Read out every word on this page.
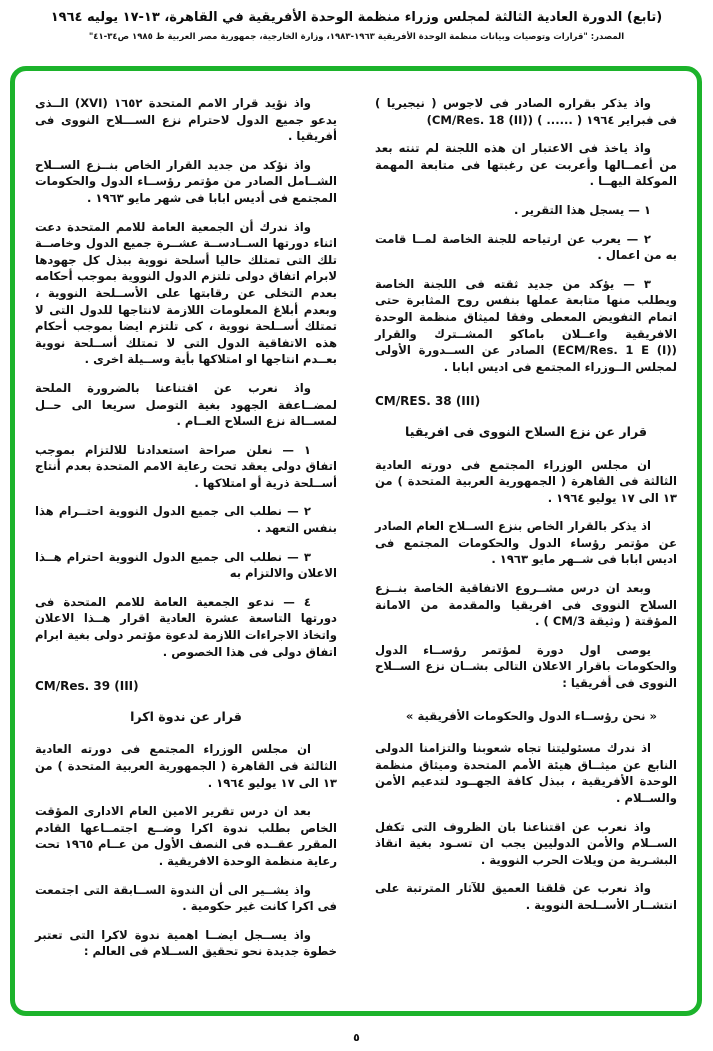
(تابع) الدورة العادية الثالثة لمجلس وزراء منظمة الوحدة الأفريقية في القاهرة، ١٣-١٧ يوليه ١٩٦٤

المصدر: "قرارات وتوصيات وبيانات منظمة الوحدة الأفريقية ١٩٦٣-١٩٨٣، وزارة الخارجية، جمهورية مصر العربية ط ١٩٨٥ ص٣٤-٤١"

واذ يذكر بقراره الصادر فى لاجوس ( نيجيريا ) فى فبراير ١٩٦٤ ( ...... ) (CM/Res. 18 (II))

واذ ياخذ فى الاعتبار ان هذه اللجنة لم تنته بعد من أعمــالها وأعربت عن رغبتها فى متابعة المهمة الموكلة اليهــا .

١ — يسجل هذا التقرير .

٢ — يعرب عن ارتياحه للجنة الخاصة لمــا قامت به من اعمال .

٣ — يؤكد من جديد ثقته فى اللجنة الخاصة ويطلب منها متابعة عملها بنفس روح المثابرة حتى اتمام التفويض المعطى وفقا لميثاق منظمة الوحدة الافريقية واعــلان باماكو المشــترك والقرار (ECM/Res. 1 E (I)) الصادر عن الســدورة الأولى لمجلس الــوزراء المجتمع فى اديس ابابا .

CM/RES. 38 (III)

قرار عن نزع السلاح النووى فى افريقيا

ان مجلس الوزراء المجتمع فى دورته العادية الثالثة فى القاهرة ( الجمهورية العربية المتحدة ) من ١٣ الى ١٧ يوليو ١٩٦٤ .

اذ يذكر بالقرار الخاص بنزع الســلاح العام الصادر عن مؤتمر رؤساء الدول والحكومات المجتمع فى اديس ابابا فى شــهر مايو ١٩٦٣ .

وبعد ان درس مشــروع الاتفاقية الخاصة بنــزع السلاح النووى فى افريقيا والمقدمة من الامانة المؤقتة ( وثيقة CM/3 ) .

يوصى اول دورة لمؤتمر رؤســاء الدول والحكومات باقرار الاعلان التالى بشــان نزع الســلاح النووى فى أفريقيا :

« نحن رؤســاء الدول والحكومات الأفريقية »

اذ ندرك مسئوليتنا تجاه شعوبنا والتزامنا الدولى النابع عن ميثــاق هيئة الأمم المتحدة وميثاق منظمة الوحدة الأفريقية ، ببذل كافة الجهــود لتدعيم الأمن والســلام .

واذ نعرب عن اقتناعنا بان الظروف التى تكفل الســلام والأمن الدوليين يجب ان تسـود بغية انقاذ البشـرية من ويلات الحرب النووية .

واذ نعرب عن قلقنا العميق للآثار المترتبة على انتشــار الأســلحة النووية .

واذ نؤيد قرار الامم المتحدة ١٦٥٢ (XVI) الــذى يدعو جميع الدول لاحترام نزع الســـلاح النووى فى أفريقيا .

واذ نؤكد من جديد القرار الخاص بنــزع الســلاح الشــامل الصادر من مؤتمر رؤســاء الدول والحكومات المجتمع فى أديس ابابا فى شهر مايو ١٩٦٣ .

واذ ندرك أن الجمعية العامة للامم المتحدة دعت اثناء دورتها الســادســة عشــرة جميع الدول وخاصــة تلك التى تمتلك حاليا أسلحة نووية ببذل كل جهودها لابرام اتفاق دولى تلتزم الدول النووية بموجب أحكامه بعدم التخلى عن رقابتها على الأســلحة النووية ، وبعدم أبلاغ المعلومات اللازمة لانتاجها للدول التى لا تمتلك أســلحة نووية ، كى تلتزم ايضا بموجب أحكام هذه الاتفاقية الدول التى لا تمتلك أســلحة نووية بعــدم انتاجها او امتلاكها بأية وســيلة اخرى .

واذ نعرب عن اقتناعنا بالضرورة الملحة لمضــاعفة الجهود بغية التوصل سريعا الى حــل لمســالة نزع السلاح العــام .

١ — نعلن صراحة استعدادنا للالتزام بموجب اتفاق دولى يعقد تحت رعاية الامم المتحدة بعدم أنتاج أســلحة ذرية أو امتلاكها .

٢ — نطلب الى جميع الدول النووية احتــرام هذا بنفس التعهد .

٣ — نطلب الى جميع الدول النووية احترام هــذا الاعلان والالتزام به

٤ — ندعو الجمعية العامة للامم المتحدة فى دورتها التاسعة عشرة العادية اقرار هــذا الاعلان واتخاذ الاجراءات اللازمة لدعوة مؤتمر دولى بغية ابرام اتفاق دولى فى هذا الخصوص .

CM/Res. 39 (III)

قرار عن ندوة اكرا

ان مجلس الوزراء المجتمع فى دورته العادية الثالثة فى القاهرة ( الجمهورية العربية المتحدة ) من ١٣ الى ١٧ يوليو ١٩٦٤ .

بعد ان درس تقرير الامين العام الادارى المؤقت الخاص بطلب ندوة اكرا وضــع اجتمــاعها القادم المقرر عقــده فى النصف الأول من عــام ١٩٦٥ تحت رعاية منظمة الوحدة الافريقية .

واذ يشــير الى أن الندوة الســابقة التى اجتمعت فى اكرا كانت غير حكومية .

واذ يســجل ايضــا اهمية ندوة لاكرا التى تعتبر خطوة جديدة نحو تحقيق الســلام فى العالم :

٥
